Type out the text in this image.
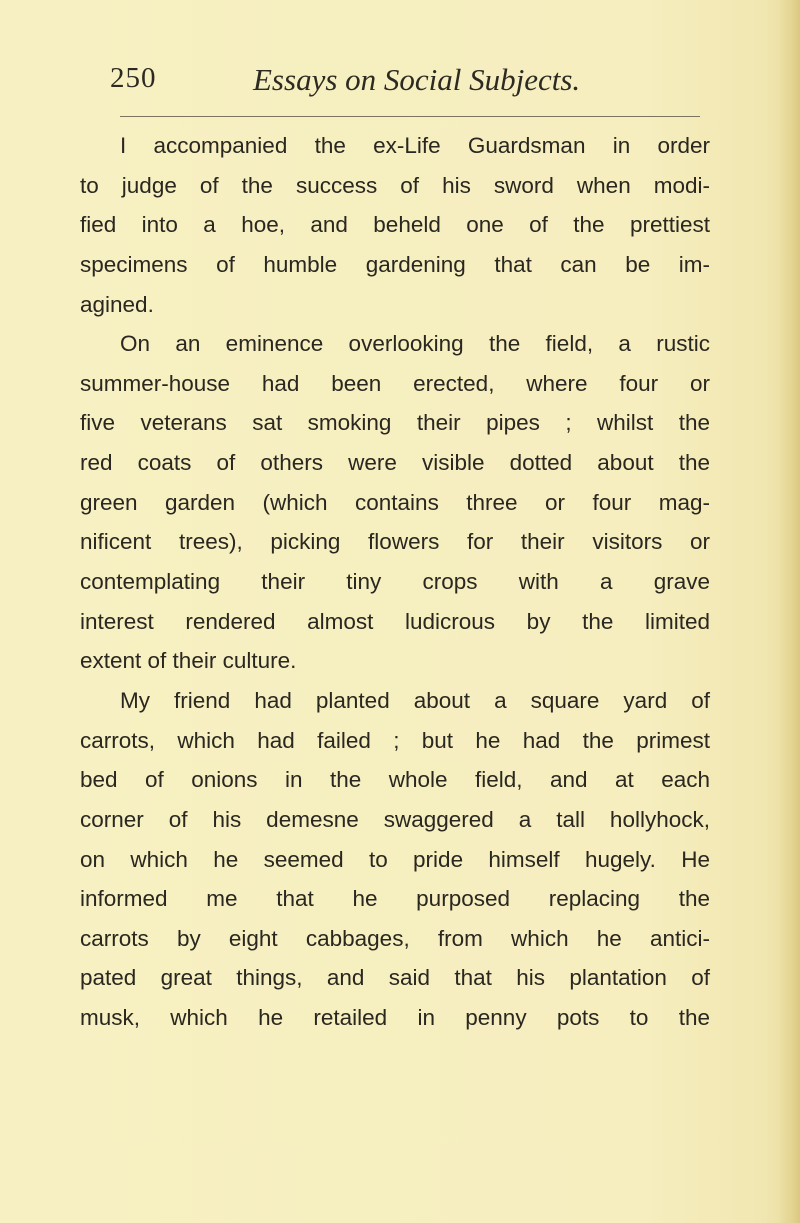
250	Essays on Social Subjects.
I accompanied the ex-Life Guardsman in order
to judge of the success of his sword when modi-
fied into a hoe, and beheld one of the prettiest
specimens of humble gardening that can be im-
agined.
On an eminence overlooking the field, a rustic
summer-house had been erected, where four or
five veterans sat smoking their pipes ; whilst the
red coats of others were visible dotted about the
green garden (which contains three or four mag-
nificent trees), picking flowers for their visitors or
contemplating their tiny crops with a grave
interest rendered almost ludicrous by the limited
extent of their culture.
My friend had planted about a square yard of
carrots, which had failed ; but he had the primest
bed of onions in the whole field, and at each
corner of his demesne swaggered a tall hollyhock,
on which he seemed to pride himself hugely. He
informed me that he purposed replacing the
carrots by eight cabbages, from which he antici-
pated great things, and said that his plantation of
musk, which he retailed in penny pots to the
